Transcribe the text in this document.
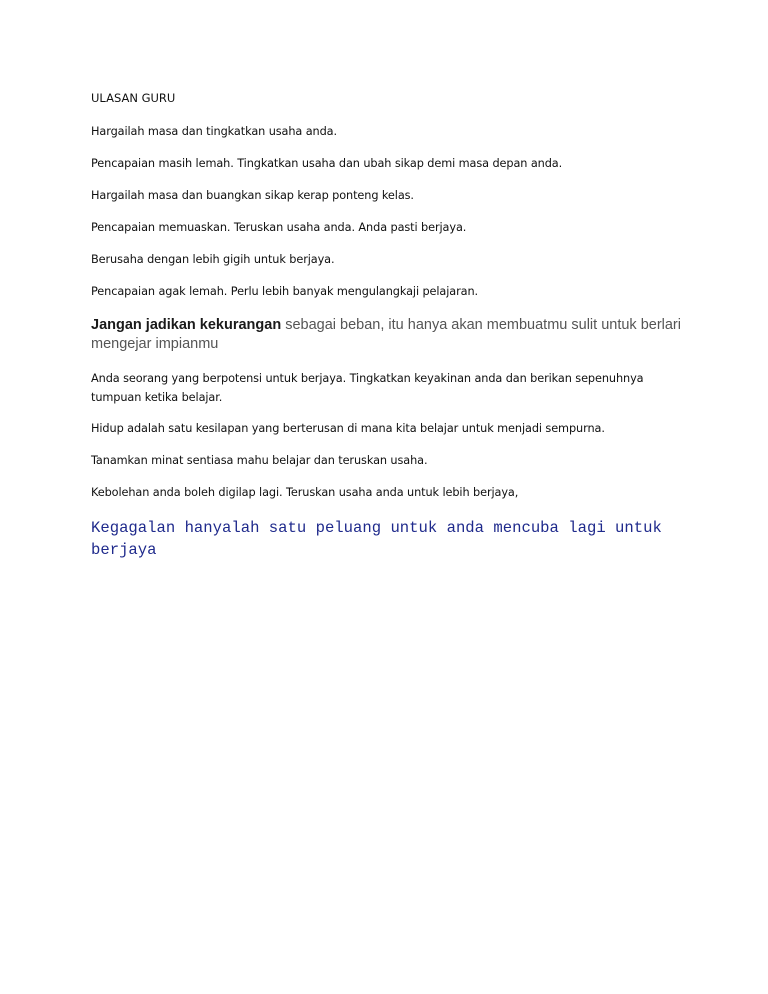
ULASAN GURU
Hargailah masa dan tingkatkan usaha anda.
Pencapaian masih lemah. Tingkatkan usaha dan ubah sikap demi masa depan anda.
Hargailah masa dan buangkan sikap kerap ponteng kelas.
Pencapaian memuaskan. Teruskan usaha anda. Anda pasti berjaya.
Berusaha dengan lebih gigih untuk berjaya.
Pencapaian agak lemah. Perlu lebih banyak mengulangkaji pelajaran.
Jangan jadikan kekurangan sebagai beban, itu hanya akan membuatmu sulit untuk berlari mengejar impianmu
Anda seorang yang berpotensi untuk berjaya. Tingkatkan keyakinan anda dan berikan sepenuhnya tumpuan ketika belajar.
Hidup adalah satu kesilapan yang berterusan di mana kita belajar untuk menjadi sempurna.
Tanamkan minat sentiasa mahu belajar dan teruskan usaha.
Kebolehan anda boleh digilap lagi. Teruskan usaha anda untuk lebih berjaya,
Kegagalan hanyalah satu peluang untuk anda mencuba lagi untuk berjaya
